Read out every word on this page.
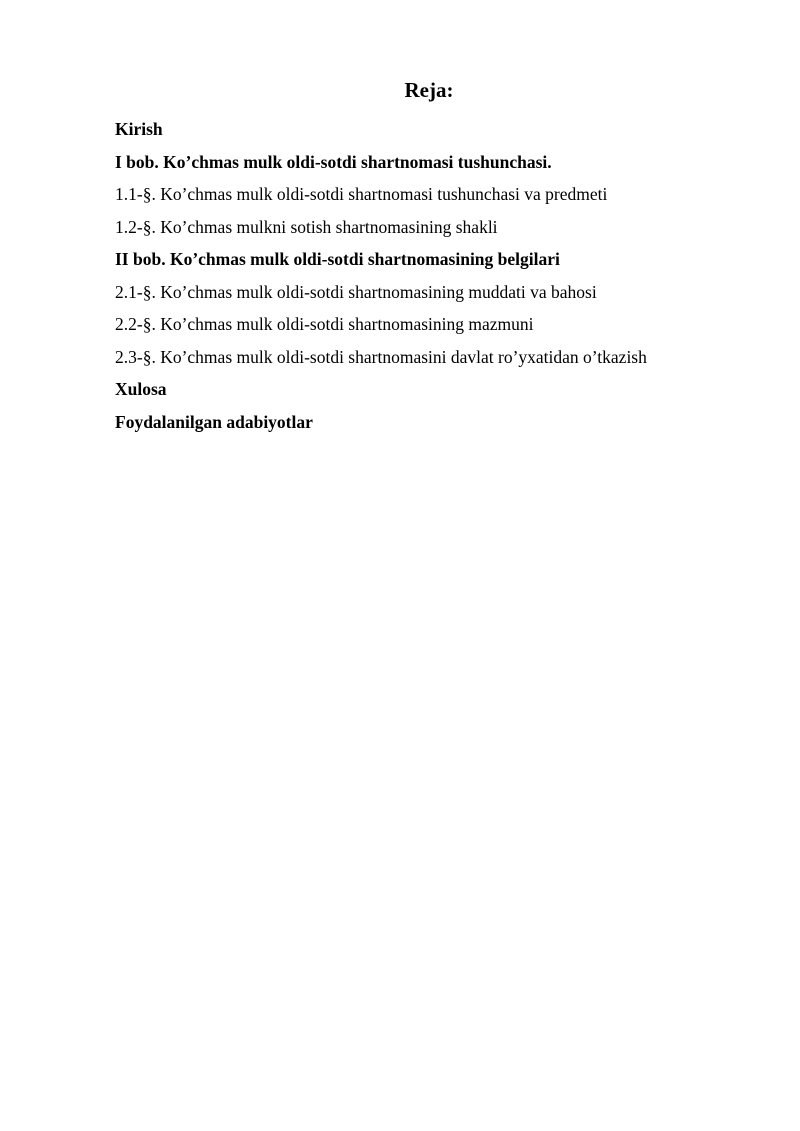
Reja:
Kirish
I bob. Ko’chmas mulk oldi-sotdi shartnomasi tushunchasi.
1.1-§. Ko’chmas mulk oldi-sotdi shartnomasi tushunchasi va predmeti
1.2-§. Ko’chmas mulkni sotish shartnomasining shakli
II bob. Ko’chmas mulk oldi-sotdi shartnomasining belgilari
2.1-§. Ko’chmas mulk oldi-sotdi shartnomasining muddati va bahosi
2.2-§. Ko’chmas mulk oldi-sotdi shartnomasining mazmuni
2.3-§. Ko’chmas mulk oldi-sotdi shartnomasini davlat ro’yxatidan o’tkazish
Xulosa
Foydalanilgan adabiyotlar
